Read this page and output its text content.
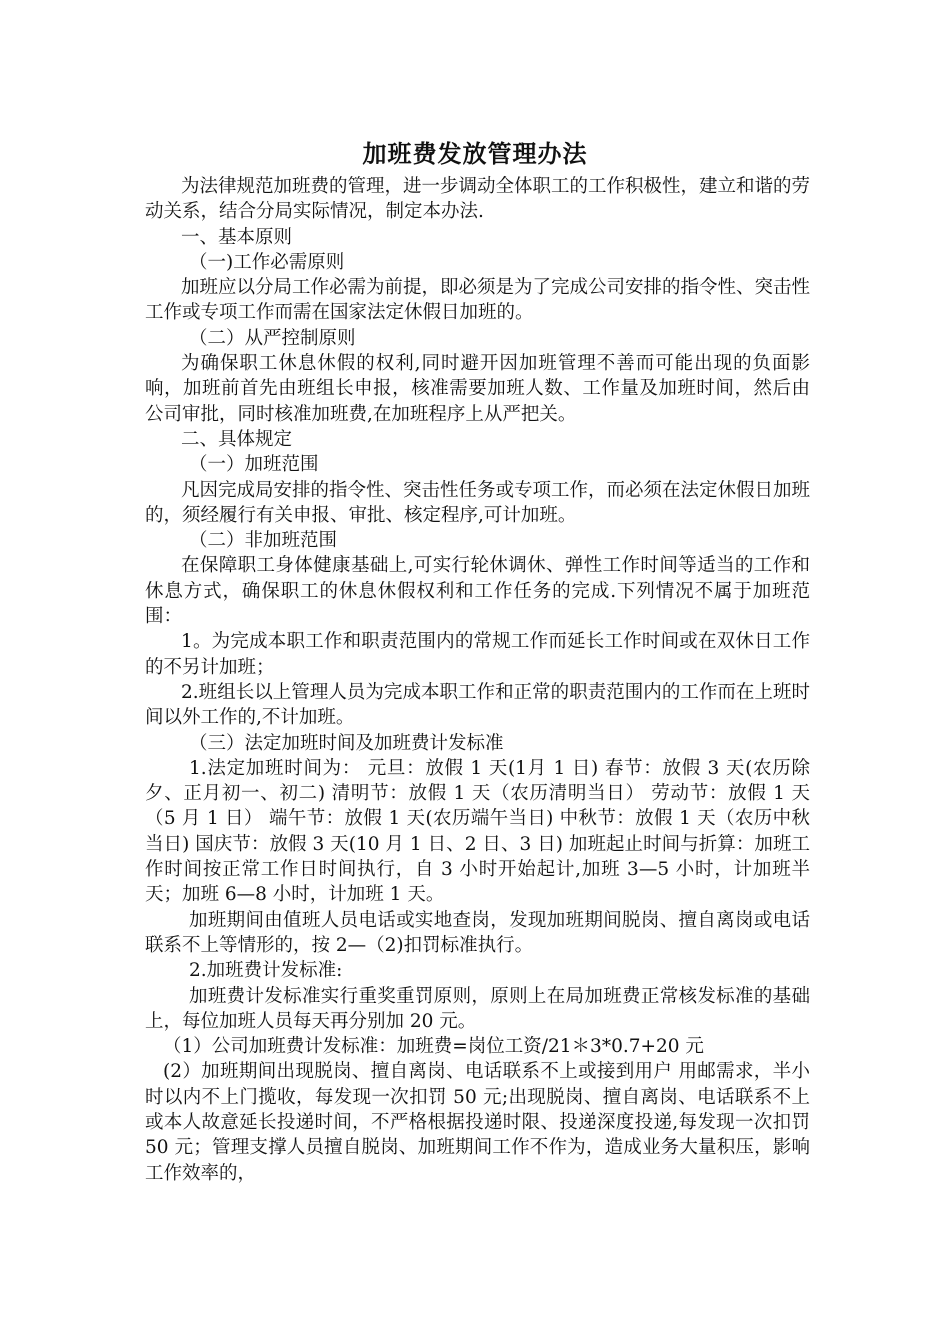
加班费发放管理办法

为法律规范加班费的管理，进一步调动全体职工的工作积极性，建立和谐的劳动关系，结合分局实际情况，制定本办法.

一、基本原则

（一)工作必需原则

加班应以分局工作必需为前提，即必须是为了完成公司安排的指令性、突击性工作或专项工作而需在国家法定休假日加班的。

（二）从严控制原则

为确保职工休息休假的权利,同时避开因加班管理不善而可能出现的负面影响，加班前首先由班组长申报，核准需要加班人数、工作量及加班时间，然后由公司审批，同时核准加班费,在加班程序上从严把关。

二、具体规定

（一）加班范围

凡因完成局安排的指令性、突击性任务或专项工作，而必须在法定休假日加班的，须经履行有关申报、审批、核定程序,可计加班。

（二）非加班范围

在保障职工身体健康基础上,可实行轮休调休、弹性工作时间等适当的工作和休息方式，确保职工的休息休假权利和工作任务的完成.下列情况不属于加班范围：

1。为完成本职工作和职责范围内的常规工作而延长工作时间或在双休日工作的不另计加班；

2.班组长以上管理人员为完成本职工作和正常的职责范围内的工作而在上班时间以外工作的,不计加班。

（三）法定加班时间及加班费计发标准

1.法定加班时间为： 元旦：放假 1 天(1月 1 日) 春节：放假 3 天(农历除夕、正月初一、初二) 清明节：放假 1 天（农历清明当日） 劳动节：放假 1 天（5 月 1 日） 端午节：放假 1 天(农历端午当日) 中秋节：放假 1 天（农历中秋当日) 国庆节：放假 3 天(10 月 1 日、2 日、3 日) 加班起止时间与折算：加班工作时间按正常工作日时间执行，自 3 小时开始起计,加班 3—5 小时，计加班半天；加班 6—8 小时，计加班 1 天。

加班期间由值班人员电话或实地查岗，发现加班期间脱岗、擅自离岗或电话联系不上等情形的，按 2—（2)扣罚标准执行。

2.加班费计发标准:

加班费计发标准实行重奖重罚原则，原则上在局加班费正常核发标准的基础上，每位加班人员每天再分别加 20 元。

（1）公司加班费计发标准：加班费=岗位工资/21＊3*0.7+20 元

(2）加班期间出现脱岗、擅自离岗、电话联系不上或接到用户 用邮需求，半小时以内不上门揽收，每发现一次扣罚 50 元;出现脱岗、擅自离岗、电话联系不上或本人故意延长投递时间，不严格根据投递时限、投递深度投递,每发现一次扣罚 50 元；管理支撑人员擅自脱岗、加班期间工作不作为，造成业务大量积压，影响工作效率的，
